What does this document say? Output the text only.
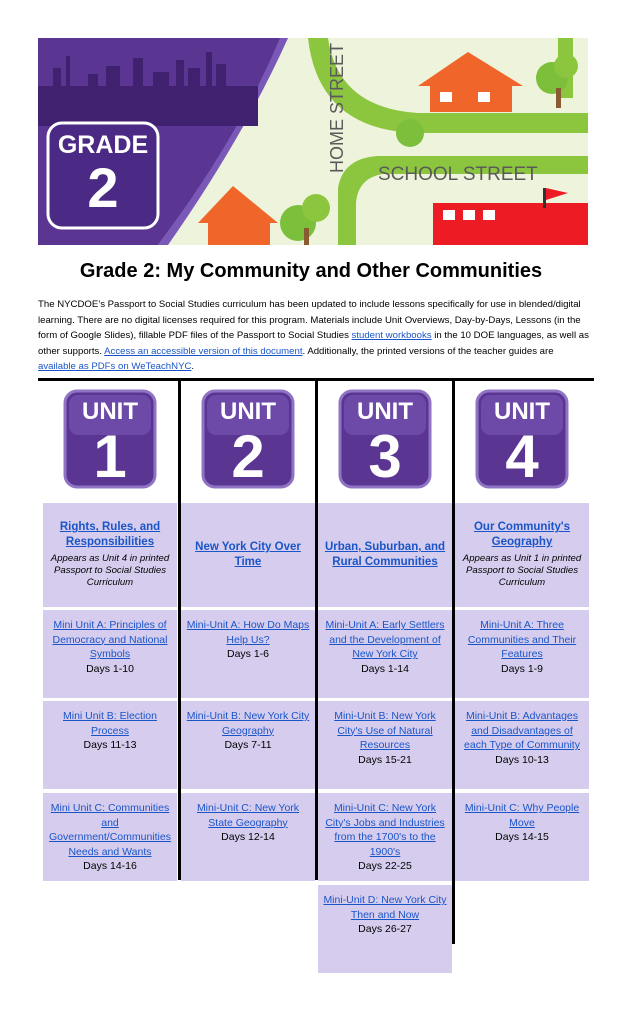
HOME STREET
SCHOOL STREET
GRADE
2
Grade 2: My Community and Other Communities
The NYCDOE’s Passport to Social Studies curriculum has been updated to include lessons specifically for use in blended/digital learning. There are no digital licenses required for this program. Materials include Unit Overviews, Day-by-Days, Lessons (in the form of Google Slides), fillable PDF files of the Passport to Social Studies student workbooks in the 10 DOE languages, as well as other supports. Access an accessible version of this document. Additionally, the printed versions of the teacher guides are available as PDFs on WeTeachNYC.
UNIT
1
Rights, Rules, and Responsibilities
Appears as Unit 4 in printed Passport to Social Studies Curriculum
Mini Unit A: Principles of Democracy and National Symbols
Days 1-10
Mini Unit B: Election Process
Days 11-13
Mini Unit C: Communities and Government/Communities Needs and Wants
Days 14-16
UNIT
2
New York City Over Time
Mini-Unit A: How Do Maps Help Us?
Days 1-6
Mini-Unit B: New York City Geography
Days 7-11
Mini-Unit C: New York State Geography
Days 12-14
UNIT
3
Urban, Suburban, and Rural Communities
Mini-Unit A: Early Settlers and the Development of New York City
Days 1-14
Mini-Unit B: New York City's Use of Natural Resources
Days 15-21
Mini-Unit C: New York City's Jobs and Industries from the 1700's to the 1900's
Days 22-25
Mini-Unit D: New York City Then and Now
Days 26-27
UNIT
4
Our Community's Geography
Appears as Unit 1 in printed Passport to Social Studies Curriculum
Mini-Unit A: Three Communities and Their Features
Days 1-9
Mini-Unit B: Advantages and Disadvantages of each Type of Community
Days 10-13
Mini-Unit C: Why People Move
Days 14-15
